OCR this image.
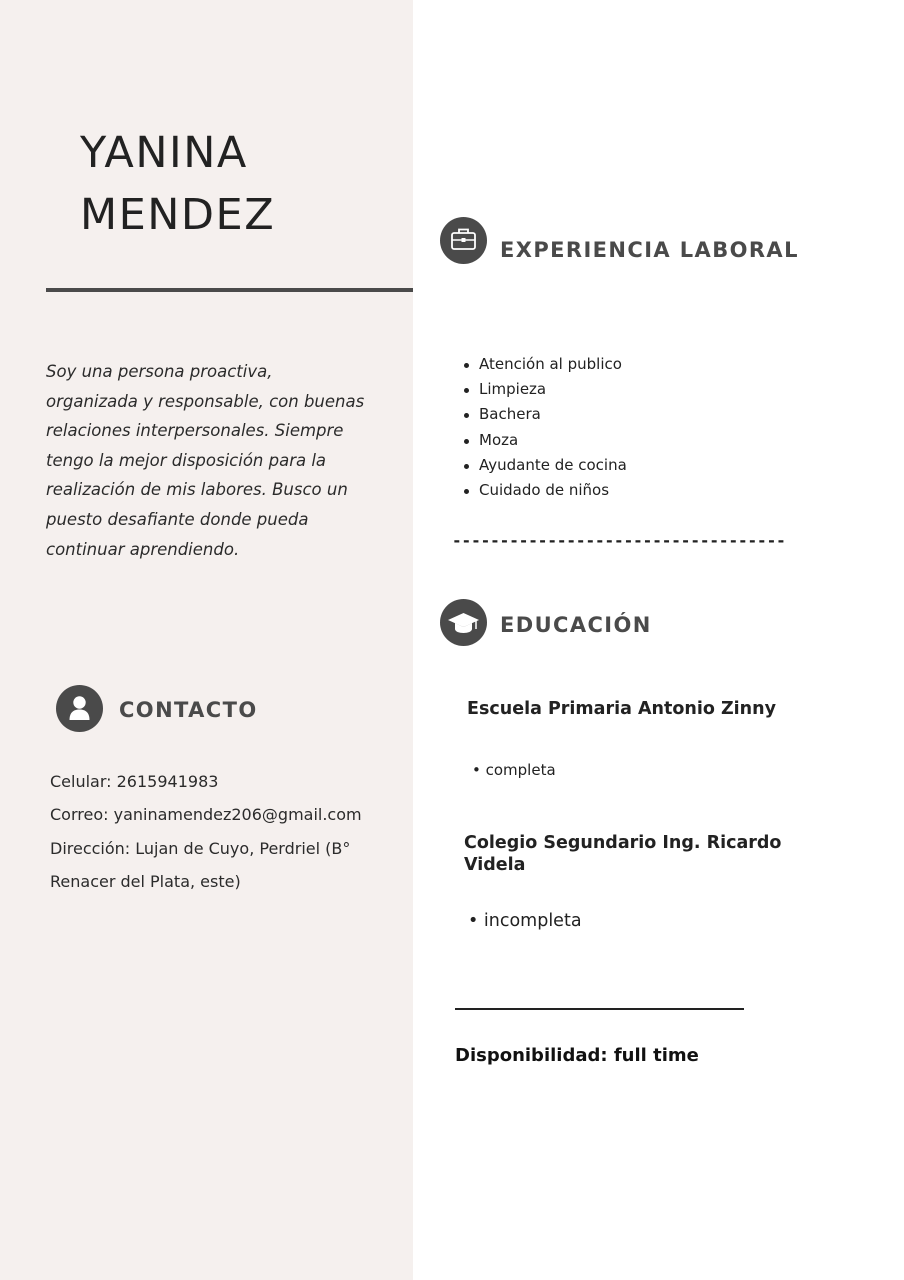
YANINA
MENDEZ

Soy una persona proactiva, organizada y responsable, con buenas relaciones interpersonales. Siempre tengo la mejor disposición para la realización de mis labores. Busco un puesto desafiante donde pueda continuar aprendiendo.

CONTACTO
Celular: 2615941983
Correo: yaninamendez206@gmail.com
Dirección: Lujan de Cuyo, Perdriel (B°
Renacer del Plata, este)
EXPERIENCIA LABORAL
Atención al publico
Limpieza
Bachera
Moza
Ayudante de cocina
Cuidado de niños
-----------------------------------
EDUCACIÓN
Escuela Primaria Antonio Zinny
• completa
Colegio Segundario Ing. Ricardo
Videla
• incompleta
Disponibilidad: full time
